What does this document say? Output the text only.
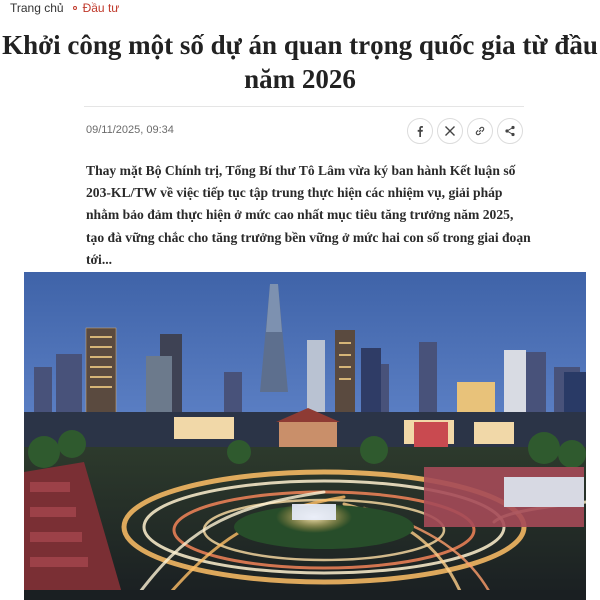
Trang chủ Đầu tư
Khởi công một số dự án quan trọng quốc gia từ đầu năm 2026
09/11/2025, 09:34
Thay mặt Bộ Chính trị, Tổng Bí thư Tô Lâm vừa ký ban hành Kết luận số 203-KL/TW về việc tiếp tục tập trung thực hiện các nhiệm vụ, giải pháp nhằm bảo đảm thực hiện ở mức cao nhất mục tiêu tăng trưởng năm 2025, tạo đà vững chắc cho tăng trưởng bền vững ở mức hai con số trong giai đoạn tới...
